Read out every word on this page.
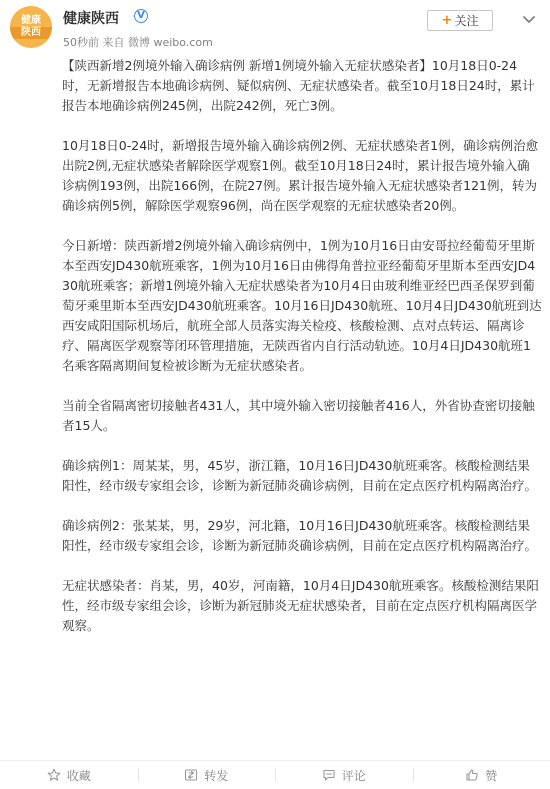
健康
陕西
健康陕西	V
50秒前 来自 微博 weibo.com
+ 关注

【陕西新增2例境外输入确诊病例 新增1例境外输入无症状感染者】10月18日0-24时，无新增报告本地确诊病例、疑似病例、无症状感染者。截至10月18日24时，累计报告本地确诊病例245例，出院242例，死亡3例。

10月18日0-24时，新增报告境外输入确诊病例2例、无症状感染者1例，确诊病例治愈出院2例,无症状感染者解除医学观察1例。截至10月18日24时，累计报告境外输入确诊病例193例，出院166例，在院27例。累计报告境外输入无症状感染者121例，转为确诊病例5例，解除医学观察96例，尚在医学观察的无症状感染者20例。

今日新增：陕西新增2例境外输入确诊病例中，1例为10月16日由安哥拉经葡萄牙里斯本至西安JD430航班乘客，1例为10月16日由佛得角普拉亚经葡萄牙里斯本至西安JD430航班乘客；新增1例境外输入无症状感染者为10月4日由玻利维亚经巴西圣保罗到葡萄牙乘里斯本至西安JD430航班乘客。10月16日JD430航班、10月4日JD430航班到达西安咸阳国际机场后，航班全部人员落实海关检疫、核酸检测、点对点转运、隔离诊疗、隔离医学观察等闭环管理措施，无陕西省内自行活动轨迹。10月4日JD430航班1名乘客隔离期间复检被诊断为无症状感染者。

当前全省隔离密切接触者431人，其中境外输入密切接触者416人，外省协查密切接触者15人。

确诊病例1：周某某，男，45岁，浙江籍，10月16日JD430航班乘客。核酸检测结果阳性，经市级专家组会诊，诊断为新冠肺炎确诊病例，目前在定点医疗机构隔离治疗。

确诊病例2：张某某，男，29岁，河北籍，10月16日JD430航班乘客。核酸检测结果阳性，经市级专家组会诊，诊断为新冠肺炎确诊病例，目前在定点医疗机构隔离治疗。

无症状感染者：肖某，男，40岁，河南籍，10月4日JD430航班乘客。核酸检测结果阳性，经市级专家组会诊，诊断为新冠肺炎无症状感染者，目前在定点医疗机构隔离医学观察。

收藏	转发	评论	赞
